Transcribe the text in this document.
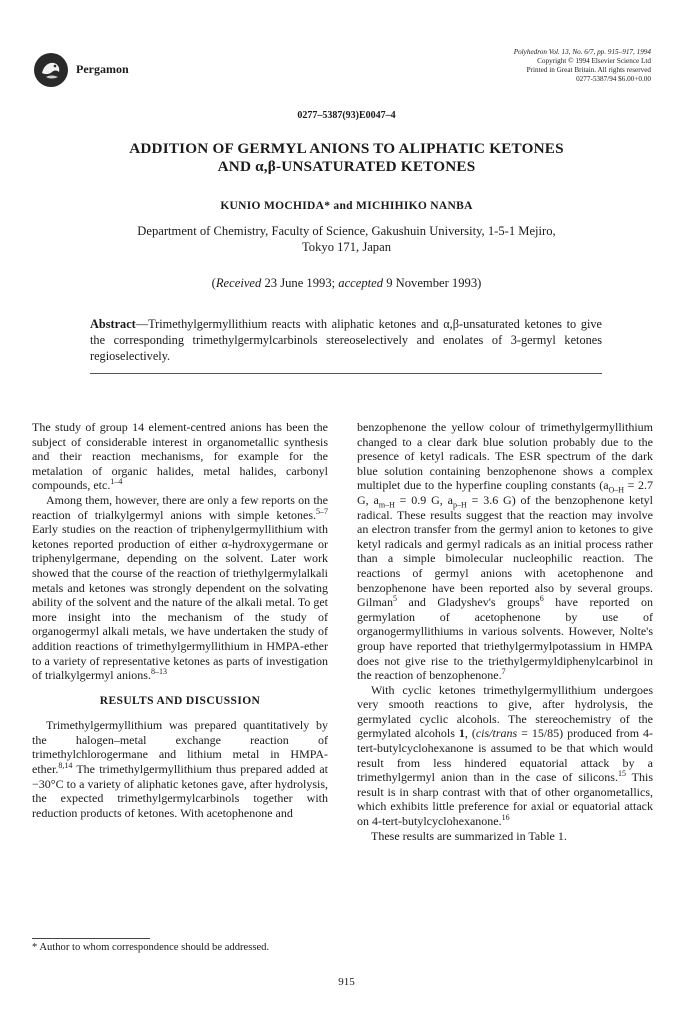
Pergamon
Polyhedron Vol. 13, No. 6/7, pp. 915–917, 1994
Copyright © 1994 Elsevier Science Ltd
Printed in Great Britain. All rights reserved
0277-5387/94 $6.00+0.00
0277–5387(93)E0047–4
ADDITION OF GERMYL ANIONS TO ALIPHATIC KETONES
AND α,β-UNSATURATED KETONES
KUNIO MOCHIDA* and MICHIHIKO NANBA
Department of Chemistry, Faculty of Science, Gakushuin University, 1-5-1 Mejiro,
Tokyo 171, Japan
(Received 23 June 1993; accepted 9 November 1993)
Abstract—Trimethylgermyllithium reacts with aliphatic ketones and α,β-unsaturated ketones to give the corresponding trimethylgermylcarbinols stereoselectively and enolates of 3-germyl ketones regioselectively.

The study of group 14 element-centred anions has been the subject of considerable interest in organometallic synthesis and their reaction mechanisms, for example for the metalation of organic halides, metal halides, carbonyl compounds, etc.$^{1-4}$

Among them, however, there are only a few reports on the reaction of trialkylgermyl anions with simple ketones.$^{5-7}$ Early studies on the reaction of triphenylgermyllithium with ketones reported production of either α-hydroxygermane or triphenylgermane, depending on the solvent. Later work showed that the course of the reaction of triethylgermylalkali metals and ketones was strongly dependent on the solvating ability of the solvent and the nature of the alkali metal. To get more insight into the mechanism of the study of organogermyl alkali metals, we have undertaken the study of addition reactions of trimethylgermyllithium in HMPA-ether to a variety of representative ketones as parts of investigation of trialkylgermyl anions.$^{8-13}$

RESULTS AND DISCUSSION

Trimethylgermyllithium was prepared quantitatively by the halogen–metal exchange reaction of trimethylchlorogermane and lithium metal in HMPA-ether.$^{8,14}$ The trimethylgermyllithium thus prepared added at −30°C to a variety of aliphatic ketones gave, after hydrolysis, the expected trimethylgermylcarbinols together with reduction products of ketones. With acetophenone and

benzophenone the yellow colour of trimethylgermyllithium changed to a clear dark blue solution probably due to the presence of ketyl radicals. The ESR spectrum of the dark blue solution containing benzophenone shows a complex multiplet due to the hyperfine coupling constants ($a_{O-H} = 2.7$ G, $a_{m-H} = 0.9$ G, $a_{p-H} = 3.6$ G) of the benzophenone ketyl radical. These results suggest that the reaction may involve an electron transfer from the germyl anion to ketones to give ketyl radicals and germyl radicals as an initial process rather than a simple bimolecular nucleophilic reaction. The reactions of germyl anions with acetophenone and benzophenone have been reported also by several groups. Gilman$^5$ and Gladyshev's groups$^6$ have reported on germylation of acetophenone by use of organogermyllithiums in various solvents. However, Nolte's group have reported that triethylgermylpotassium in HMPA does not give rise to the triethylgermyldiphenylcarbinol in the reaction of benzophenone.$^7$

With cyclic ketones trimethylgermyllithium undergoes very smooth reactions to give, after hydrolysis, the germylated cyclic alcohols. The stereochemistry of the germylated alcohols 1, (cis/trans = 15/85) produced from 4-tert-butylcyclohexanone is assumed to be that which would result from less hindered equatorial attack by a trimethylgermyl anion than in the case of silicons.$^{15}$ This result is in sharp contrast with that of other organometallics, which exhibits little preference for axial or equatorial attack on 4-tert-butylcyclohexanone.$^{16}$

These results are summarized in Table 1.

* Author to whom correspondence should be addressed.
915
